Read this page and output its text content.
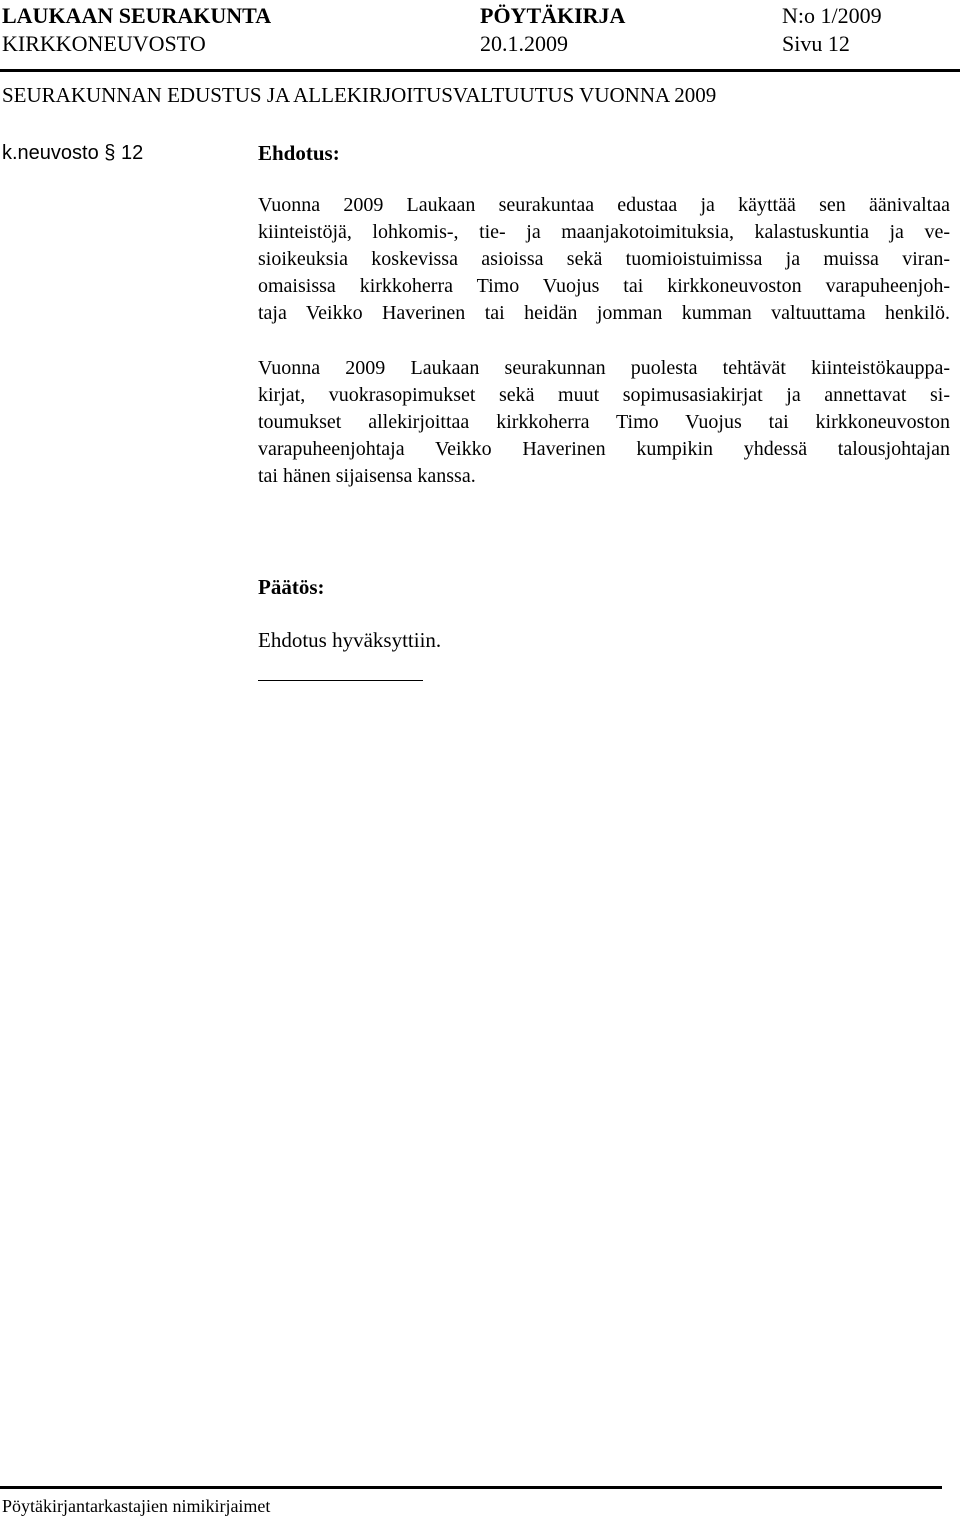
LAUKAAN SEURAKUNTA	PÖYTÄKIRJA	N:o 1/2009
KIRKKONEUVOSTO	20.1.2009	Sivu 12
SEURAKUNNAN EDUSTUS JA ALLEKIRJOITUSVALTUUTUS VUONNA 2009
k.neuvosto § 12	Ehdotus:

Vuonna 2009 Laukaan seurakuntaa edustaa ja käyttää sen äänivaltaa
kiinteistöjä, lohkomis-, tie- ja maanjakotoimituksia, kalastuskuntia ja ve-
sioikeuksia koskevissa asioissa sekä tuomioistuimissa ja muissa viran-
omaisissa kirkkoherra Timo Vuojus tai kirkkoneuvoston varapuheenjoh-
taja Veikko Haverinen tai heidän jomman kumman valtuuttama henkilö.

Vuonna 2009 Laukaan seurakunnan puolesta tehtävät kiinteistökauppa-
kirjat, vuokrasopimukset sekä muut sopimusasiakirjat ja annettavat si-
toumukset allekirjoittaa kirkkoherra Timo Vuojus tai kirkkoneuvoston
varapuheenjohtaja Veikko Haverinen kumpikin yhdessä talousjohtajan
tai hänen sijaisensa kanssa.

Päätös:
Ehdotus hyväksyttiin.
Pöytäkirjantarkastajien nimikirjaimet
